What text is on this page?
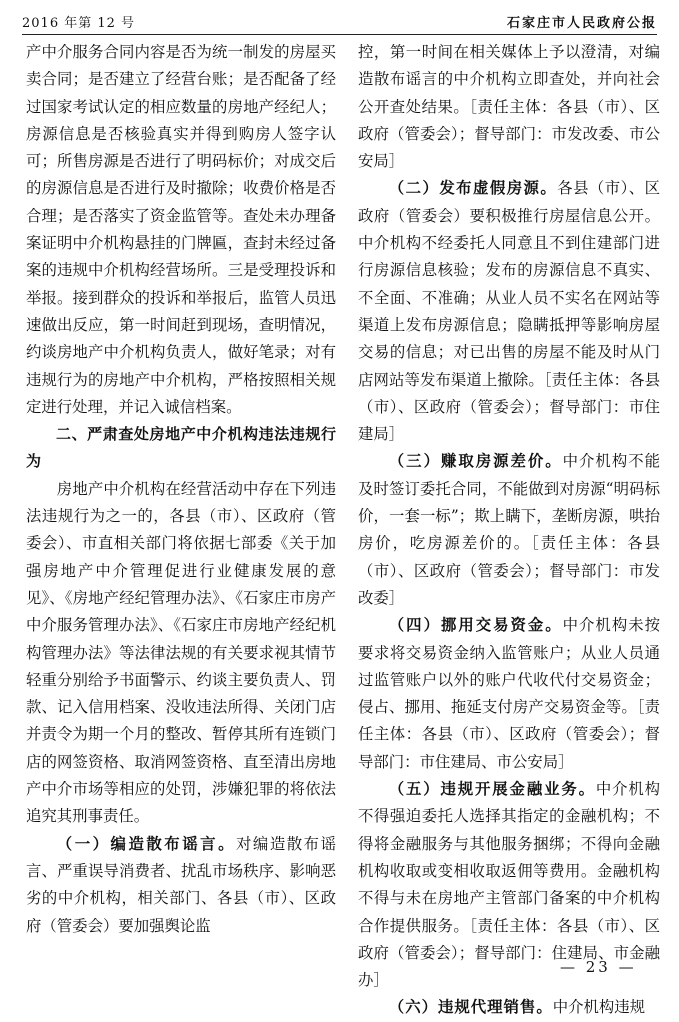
2016 年第 12 号	石家庄市人民政府公报

产中介服务合同内容是否为统一制发的房屋买卖合同；是否建立了经营台账；是否配备了经过国家考试认定的相应数量的房地产经纪人；房源信息是否核验真实并得到购房人签字认可；所售房源是否进行了明码标价；对成交后的房源信息是否进行及时撤除；收费价格是否合理；是否落实了资金监管等。查处未办理备案证明中介机构悬挂的门牌匾，查封未经过备案的违规中介机构经营场所。三是受理投诉和举报。接到群众的投诉和举报后，监管人员迅速做出反应，第一时间赶到现场，查明情况，约谈房地产中介机构负责人，做好笔录；对有违规行为的房地产中介机构，严格按照相关规定进行处理，并记入诚信档案。

二、严肃查处房地产中介机构违法违规行为

房地产中介机构在经营活动中存在下列违法违规行为之一的，各县（市）、区政府（管委会）、市直相关部门将依据七部委《关于加强房地产中介管理促进行业健康发展的意见》、《房地产经纪管理办法》、《石家庄市房产中介服务管理办法》、《石家庄市房地产经纪机构管理办法》等法律法规的有关要求视其情节轻重分别给予书面警示、约谈主要负责人、罚款、记入信用档案、没收违法所得、关闭门店并责令为期一个月的整改、暂停其所有连锁门店的网签资格、取消网签资格、直至清出房地产中介市场等相应的处罚，涉嫌犯罪的将依法追究其刑事责任。

（一）编造散布谣言。对编造散布谣言、严重误导消费者、扰乱市场秩序、影响恶劣的中介机构，相关部门、各县（市）、区政府（管委会）要加强舆论监

控，第一时间在相关媒体上予以澄清，对编造散布谣言的中介机构立即查处，并向社会公开查处结果。［责任主体：各县（市）、区政府（管委会）；督导部门：市发改委、市公安局］

（二）发布虚假房源。各县（市）、区政府（管委会）要积极推行房屋信息公开。中介机构不经委托人同意且不到住建部门进行房源信息核验；发布的房源信息不真实、不全面、不准确；从业人员不实名在网站等渠道上发布房源信息；隐瞒抵押等影响房屋交易的信息；对已出售的房屋不能及时从门店网站等发布渠道上撤除。［责任主体：各县（市）、区政府（管委会）；督导部门：市住建局］

（三）赚取房源差价。中介机构不能及时签订委托合同，不能做到对房源“明码标价，一套一标”；欺上瞒下，垄断房源，哄抬房价，吃房源差价的。［责任主体：各县（市）、区政府（管委会）；督导部门：市发改委］

（四）挪用交易资金。中介机构未按要求将交易资金纳入监管账户；从业人员通过监管账户以外的账户代收代付交易资金；侵占、挪用、拖延支付房产交易资金等。［责任主体：各县（市）、区政府（管委会）；督导部门：市住建局、市公安局］

（五）违规开展金融业务。中介机构不得强迫委托人选择其指定的金融机构；不得将金融服务与其他服务捆绑；不得向金融机构收取或变相收取返佣等费用。金融机构不得与未在房地产主管部门备案的中介机构合作提供服务。［责任主体：各县（市）、区政府（管委会）；督导部门：住建局、市金融办］

（六）违规代理销售。中介机构违规

— 23 —
